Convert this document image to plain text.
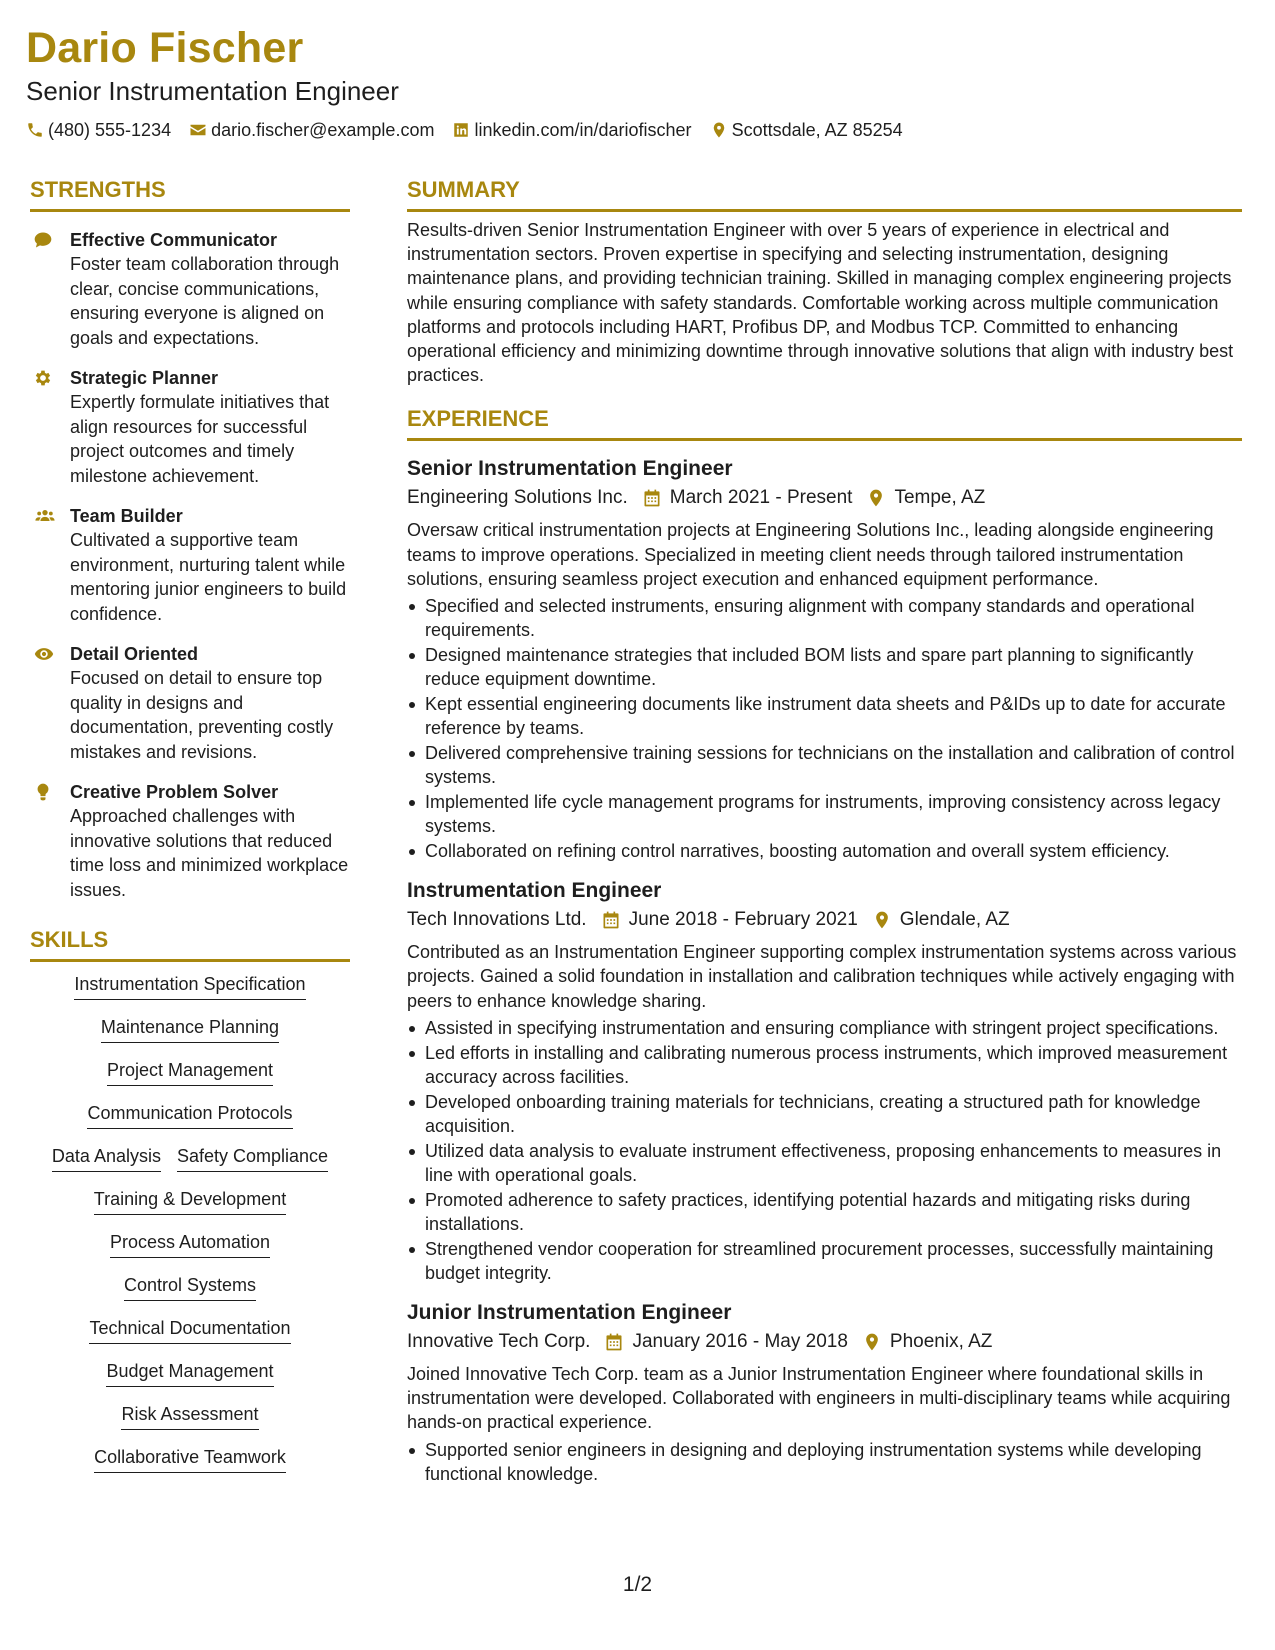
Dario Fischer
Senior Instrumentation Engineer
(480) 555-1234 dario.fischer@example.com linkedin.com/in/dariofischer Scottsdale, AZ 85254
STRENGTHS
Effective Communicator
Foster team collaboration through clear, concise communications, ensuring everyone is aligned on goals and expectations.
Strategic Planner
Expertly formulate initiatives that align resources for successful project outcomes and timely milestone achievement.
Team Builder
Cultivated a supportive team environment, nurturing talent while mentoring junior engineers to build confidence.
Detail Oriented
Focused on detail to ensure top quality in designs and documentation, preventing costly mistakes and revisions.
Creative Problem Solver
Approached challenges with innovative solutions that reduced time loss and minimized workplace issues.
SKILLS
Instrumentation Specification
Maintenance Planning
Project Management
Communication Protocols
Data Analysis Safety Compliance
Training & Development
Process Automation
Control Systems
Technical Documentation
Budget Management
Risk Assessment
Collaborative Teamwork
SUMMARY
Results-driven Senior Instrumentation Engineer with over 5 years of experience in electrical and instrumentation sectors. Proven expertise in specifying and selecting instrumentation, designing maintenance plans, and providing technician training. Skilled in managing complex engineering projects while ensuring compliance with safety standards. Comfortable working across multiple communication platforms and protocols including HART, Profibus DP, and Modbus TCP. Committed to enhancing operational efficiency and minimizing downtime through innovative solutions that align with industry best practices.
EXPERIENCE
Senior Instrumentation Engineer
Engineering Solutions Inc. March 2021 - Present Tempe, AZ
Oversaw critical instrumentation projects at Engineering Solutions Inc., leading alongside engineering teams to improve operations. Specialized in meeting client needs through tailored instrumentation solutions, ensuring seamless project execution and enhanced equipment performance.
Specified and selected instruments, ensuring alignment with company standards and operational requirements.
Designed maintenance strategies that included BOM lists and spare part planning to significantly reduce equipment downtime.
Kept essential engineering documents like instrument data sheets and P&IDs up to date for accurate reference by teams.
Delivered comprehensive training sessions for technicians on the installation and calibration of control systems.
Implemented life cycle management programs for instruments, improving consistency across legacy systems.
Collaborated on refining control narratives, boosting automation and overall system efficiency.
Instrumentation Engineer
Tech Innovations Ltd. June 2018 - February 2021 Glendale, AZ
Contributed as an Instrumentation Engineer supporting complex instrumentation systems across various projects. Gained a solid foundation in installation and calibration techniques while actively engaging with peers to enhance knowledge sharing.
Assisted in specifying instrumentation and ensuring compliance with stringent project specifications.
Led efforts in installing and calibrating numerous process instruments, which improved measurement accuracy across facilities.
Developed onboarding training materials for technicians, creating a structured path for knowledge acquisition.
Utilized data analysis to evaluate instrument effectiveness, proposing enhancements to measures in line with operational goals.
Promoted adherence to safety practices, identifying potential hazards and mitigating risks during installations.
Strengthened vendor cooperation for streamlined procurement processes, successfully maintaining budget integrity.
Junior Instrumentation Engineer
Innovative Tech Corp. January 2016 - May 2018 Phoenix, AZ
Joined Innovative Tech Corp. team as a Junior Instrumentation Engineer where foundational skills in instrumentation were developed. Collaborated with engineers in multi-disciplinary teams while acquiring hands-on practical experience.
Supported senior engineers in designing and deploying instrumentation systems while developing functional knowledge.
1/2
